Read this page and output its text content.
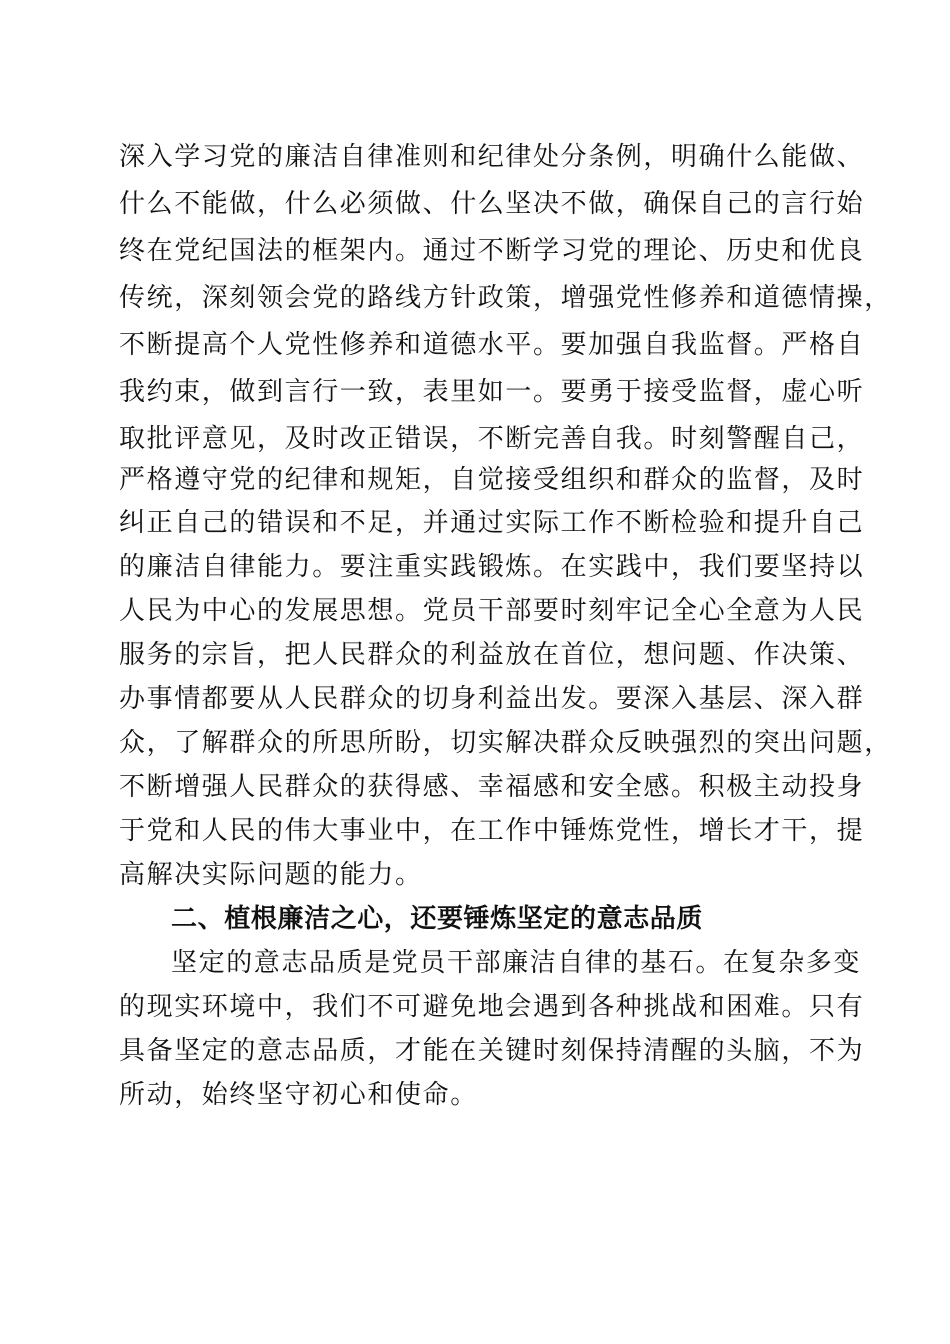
深入学习党的廉洁自律准则和纪律处分条例，明确什么能做、
什么不能做，什么必须做、什么坚决不做，确保自己的言行始
终在党纪国法的框架内。通过不断学习党的理论、历史和优良
传统，深刻领会党的路线方针政策，增强党性修养和道德情操，
不断提高个人党性修养和道德水平。要加强自我监督。严格自
我约束，做到言行一致，表里如一。要勇于接受监督，虚心听
取批评意见，及时改正错误，不断完善自我。时刻警醒自己，
严格遵守党的纪律和规矩，自觉接受组织和群众的监督，及时
纠正自己的错误和不足，并通过实际工作不断检验和提升自己
的廉洁自律能力。要注重实践锻炼。在实践中，我们要坚持以
人民为中心的发展思想。党员干部要时刻牢记全心全意为人民
服务的宗旨，把人民群众的利益放在首位，想问题、作决策、
办事情都要从人民群众的切身利益出发。要深入基层、深入群
众，了解群众的所思所盼，切实解决群众反映强烈的突出问题，
不断增强人民群众的获得感、幸福感和安全感。积极主动投身
于党和人民的伟大事业中，在工作中锤炼党性，增长才干，提
高解决实际问题的能力。
二、植根廉洁之心，还要锤炼坚定的意志品质
坚定的意志品质是党员干部廉洁自律的基石。在复杂多变
的现实环境中，我们不可避免地会遇到各种挑战和困难。只有
具备坚定的意志品质，才能在关键时刻保持清醒的头脑，不为
所动，始终坚守初心和使命。
